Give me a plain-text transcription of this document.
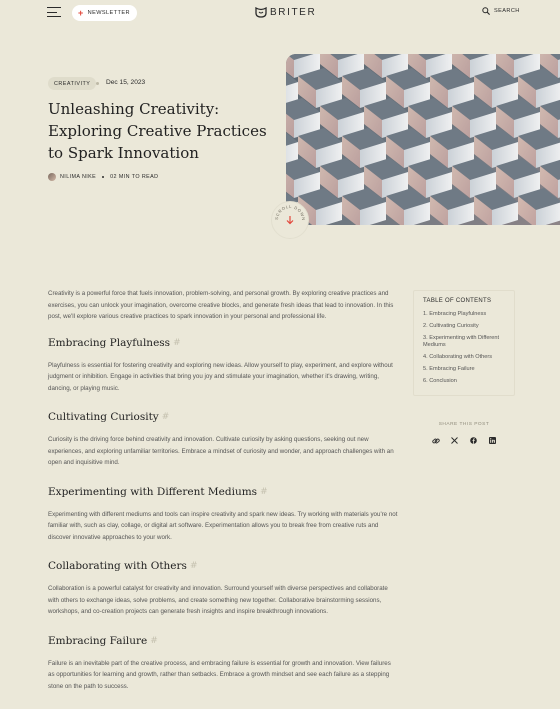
+ NEWSLETTER	BRITER	SEARCH
CREATIVITY Dec 15, 2023
Unleashing Creativity: Exploring Creative Practices to Spark Innovation
NILIMA NIKE	02 MIN TO READ
SCROLL DOWN

Creativity is a powerful force that fuels innovation, problem-solving, and personal growth. By exploring creative practices and exercises, you can unlock your imagination, overcome creative blocks, and generate fresh ideas that lead to innovation. In this post, we'll explore various creative practices to spark innovation in your personal and professional life.

Embracing Playfulness #

Playfulness is essential for fostering creativity and exploring new ideas. Allow yourself to play, experiment, and explore without judgment or inhibition. Engage in activities that bring you joy and stimulate your imagination, whether it's drawing, writing, dancing, or playing music.

Cultivating Curiosity #

Curiosity is the driving force behind creativity and innovation. Cultivate curiosity by asking questions, seeking out new experiences, and exploring unfamiliar territories. Embrace a mindset of curiosity and wonder, and approach challenges with an open and inquisitive mind.

Experimenting with Different Mediums #

Experimenting with different mediums and tools can inspire creativity and spark new ideas. Try working with materials you're not familiar with, such as clay, collage, or digital art software. Experimentation allows you to break free from creative ruts and discover innovative approaches to your work.

Collaborating with Others #

Collaboration is a powerful catalyst for creativity and innovation. Surround yourself with diverse perspectives and collaborate with others to exchange ideas, solve problems, and create something new together. Collaborative brainstorming sessions, workshops, and co-creation projects can generate fresh insights and inspire breakthrough innovations.

Embracing Failure #

Failure is an inevitable part of the creative process, and embracing failure is essential for growth and innovation. View failures as opportunities for learning and growth, rather than setbacks. Embrace a growth mindset and see each failure as a stepping stone on the path to success.

TABLE OF CONTENTS
1. Embracing Playfulness
2. Cultivating Curiosity
3. Experimenting with Different Mediums
4. Collaborating with Others
5. Embracing Failure
6. Conclusion
SHARE THIS POST
